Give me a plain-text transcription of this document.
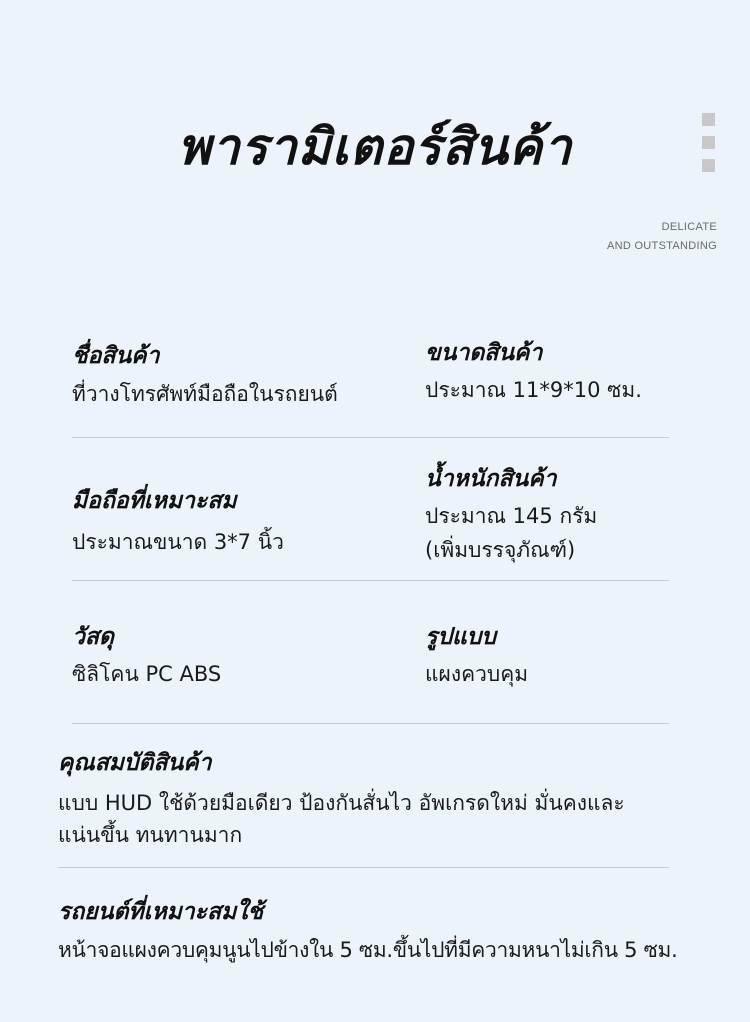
พารามิเตอร์สินค้า
DELICATE
AND OUTSTANDING
ชื่อสินค้า
ที่วางโทรศัพท์มือถือในรถยนต์
ขนาดสินค้า
ประมาณ 11*9*10 ซม.
มือถือที่เหมาะสม
ประมาณขนาด 3*7 นิ้ว
น้ำหนักสินค้า
ประมาณ 145 กรัม
(เพิ่มบรรจุภัณฑ์)
วัสดุ
ซิลิโคน PC ABS
รูปแบบ
แผงควบคุม
คุณสมบัติสินค้า
แบบ HUD ใช้ด้วยมือเดียว ป้องกันสั่นไว อัพเกรดใหม่ มั่นคงและ
แน่นขึ้น ทนทานมาก
รถยนต์ที่เหมาะสมใช้
หน้าจอแผงควบคุมนูนไปข้างใน 5 ซม.ขึ้นไปที่มีความหนาไม่เกิน 5 ซม.
